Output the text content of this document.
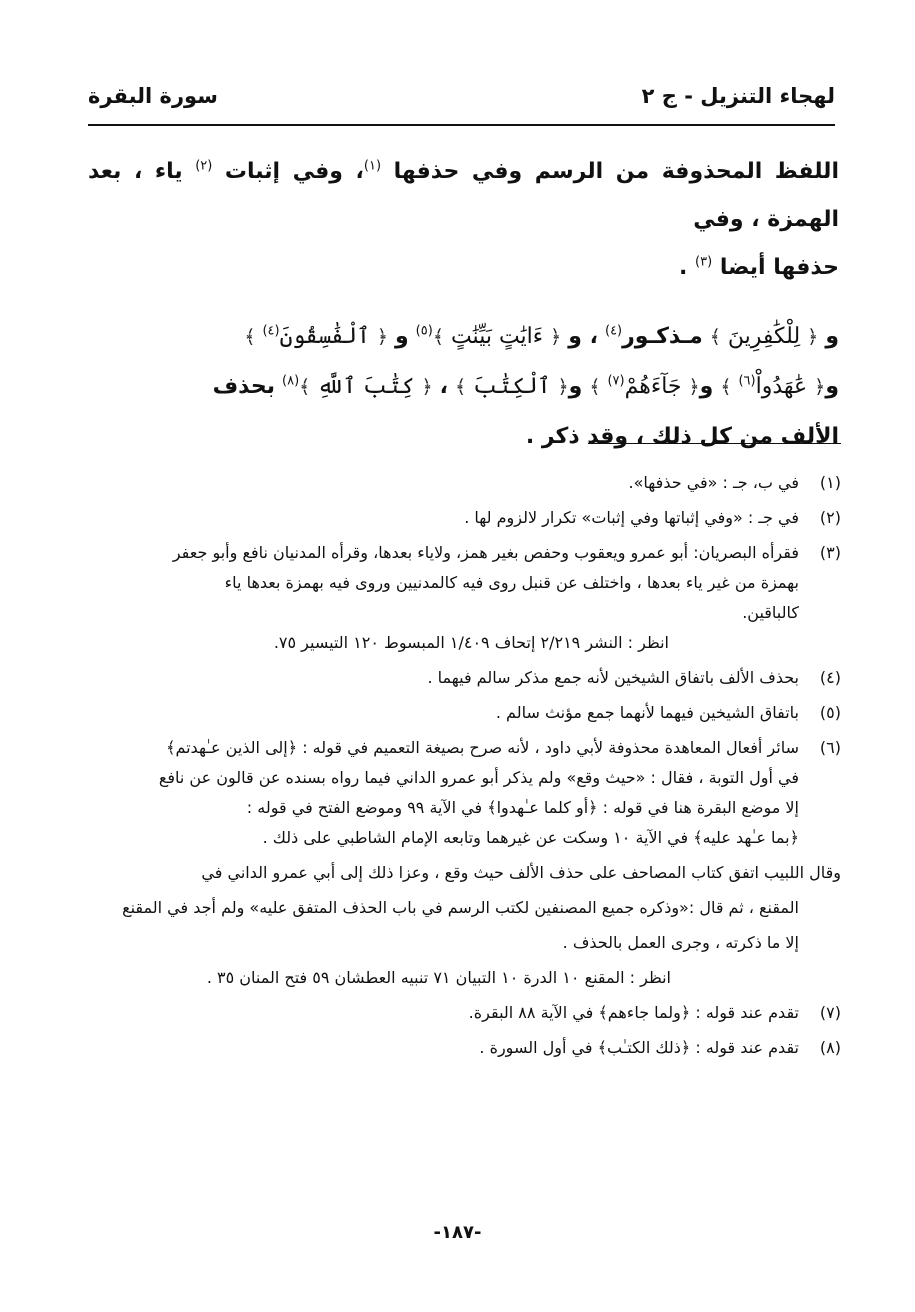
لهجاء التنزيل - ج ٢
سورة البقرة

اللفظ المحذوفة من الرسم وفي حذفها $^{(١)}$، وفي إثبات $^{(٢)}$ ياء ، بعد الهمزة ، وفي
حذفها أيضا $^{(٣)}$ .

و ﴿ لِلْكَٰفِرِينَ ﴾ مـذكـور$^{(٤)}$ ، و ﴿ ءَايَٰتٍ بَيِّنَٰتٍ ﴾$^{(٥)}$ و ﴿ ٱلْفَٰسِقُونَ$^{(٤)}$ ﴾
و﴿ عَٰهَدُواْ$^{(٦)}$ ﴾ و﴿ جَآءَهُمْ$^{(٧)}$ ﴾ و﴿ ٱلْكِتَٰبَ ﴾ ، ﴿ كِتَٰبَ ٱللَّهِ ﴾$^{(٨)}$ بحذف
الألف من كل ذلك ، وقد ذكر .
(١)

في ب، جـ : «في حذفها».

(٢)

في جـ : «وفي إثباتها وفي إثبات» تكرار لالزوم لها .

(٣)

فقرأه البصريان: أبو عمرو ويعقوب وحفص بغير همز، ولاياء بعدها، وقرأه المدنيان نافع وأبو جعفر

بهمزة من غير ياء بعدها ، واختلف عن قنبل روى فيه كالمدنيين وروى فيه بهمزة بعدها ياء

كالباقين.

انظر : النشر ٢/٢١٩ إتحاف ١/٤٠٩ المبسوط ١٢٠ التيسير ٧٥.

(٤)

بحذف الألف باتفاق الشيخين لأنه جمع مذكر سالم فيهما .

(٥)

باتفاق الشيخين فيهما لأنهما جمع مؤنث سالم .

(٦)

سائر أفعال المعاهدة محذوفة لأبي داود ، لأنه صرح بصيغة التعميم في قوله : ﴿إلى الذين عـٰهدتم﴾

في أول التوبة ، فقال : «حيث وقع» ولم يذكر أبو عمرو الداني فيما رواه بسنده عن قالون عن نافع

إلا موضع البقرة هنا في قوله : ﴿أو كلما عـٰهدوا﴾ في الآية ٩٩ وموضع الفتح في قوله :

﴿بما عـٰهد عليه﴾ في الآية ١٠ وسكت عن غيرهما وتابعه الإمام الشاطبي على ذلك .

وقال اللبيب اتفق كتاب المصاحف على حذف الألف حيث وقع ، وعزا ذلك إلى أبي عمرو الداني في

المقنع ، ثم قال :«وذكره جميع المصنفين لكتب الرسم في باب الحذف المتفق عليه» ولم أجد في المقنع

إلا ما ذكرته ، وجرى العمل بالحذف .

انظر : المقنع ١٠ الدرة ١٠ التبيان ٧١ تنبيه العطشان ٥٩ فتح المنان ٣٥ .

(٧)

تقدم عند قوله : ﴿ولما جاءهم﴾ في الآية ٨٨ البقرة.

(٨)

تقدم عند قوله : ﴿ذلك الكتـٰب﴾ في أول السورة .

-١٨٧-
